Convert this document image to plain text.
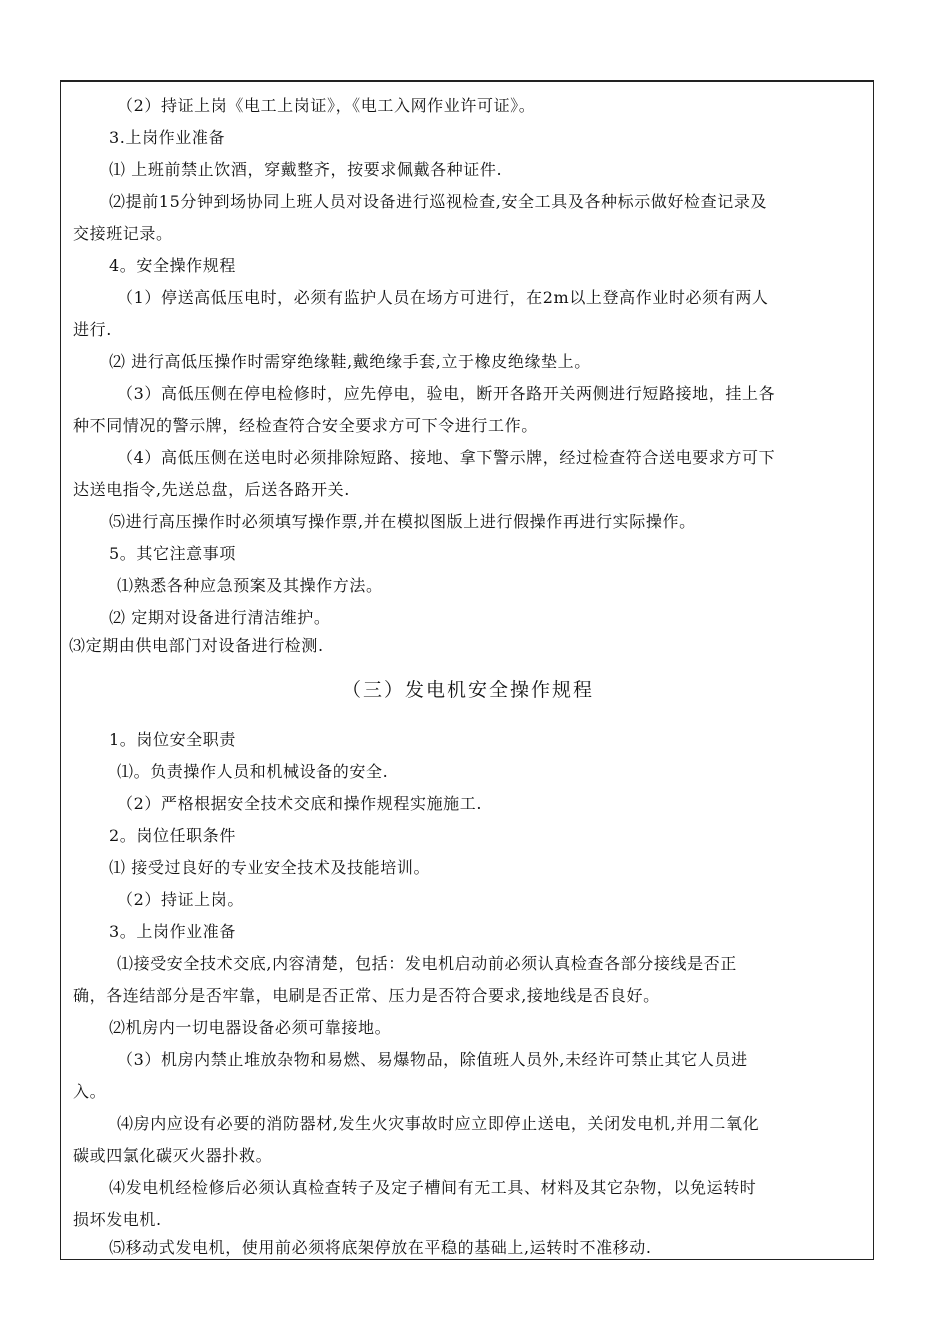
（2）持证上岗《电工上岗证》，《电工入网作业许可证》。
3.上岗作业准备
⑴ 上班前禁止饮酒，穿戴整齐，按要求佩戴各种证件.
⑵提前15分钟到场协同上班人员对设备进行巡视检查,安全工具及各种标示做好检查记录及
交接班记录。
4。安全操作规程
（1）停送高低压电时，必须有监护人员在场方可进行，在2m以上登高作业时必须有两人
进行.
⑵ 进行高低压操作时需穿绝缘鞋,戴绝缘手套,立于橡皮绝缘垫上。
（3）高低压侧在停电检修时，应先停电，验电，断开各路开关两侧进行短路接地，挂上各
种不同情况的警示牌，经检查符合安全要求方可下令进行工作。
（4）高低压侧在送电时必须排除短路、接地、拿下警示牌，经过检查符合送电要求方可下
达送电指令,先送总盘，后送各路开关.
⑸进行高压操作时必须填写操作票,并在模拟图版上进行假操作再进行实际操作。
5。其它注意事项
⑴熟悉各种应急预案及其操作方法。
⑵ 定期对设备进行清洁维护。
⑶定期由供电部门对设备进行检测.
（三）发电机安全操作规程
1。岗位安全职责
⑴。负责操作人员和机械设备的安全.
（2）严格根据安全技术交底和操作规程实施施工.
2。岗位任职条件
⑴ 接受过良好的专业安全技术及技能培训。
（2）持证上岗。
3。上岗作业准备
⑴接受安全技术交底,内容清楚，包括：发电机启动前必须认真检查各部分接线是否正
确，各连结部分是否牢靠，电刷是否正常、压力是否符合要求,接地线是否良好。
⑵机房内一切电器设备必须可靠接地。
（3）机房内禁止堆放杂物和易燃、易爆物品，除值班人员外,未经许可禁止其它人员进
入。
⑷房内应设有必要的消防器材,发生火灾事故时应立即停止送电，关闭发电机,并用二氧化
碳或四氯化碳灭火器扑救。
⑷发电机经检修后必须认真检查转子及定子槽间有无工具、材料及其它杂物，以免运转时
损坏发电机.
⑸移动式发电机，使用前必须将底架停放在平稳的基础上,运转时不准移动.
